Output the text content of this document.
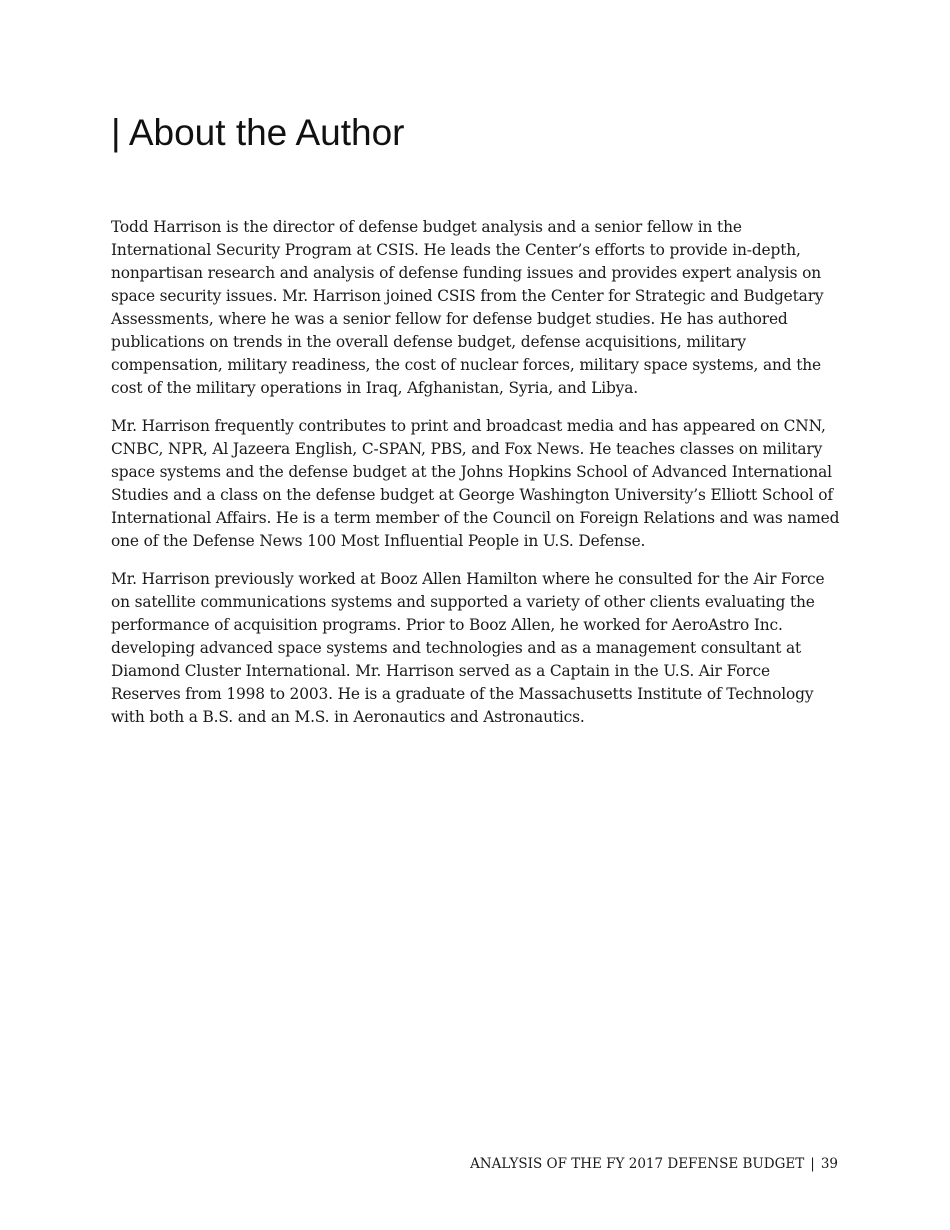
| About the Author

Todd Harrison is the director of defense budget analysis and a senior fellow in the International Security Program at CSIS. He leads the Center’s efforts to provide in-depth, nonpartisan research and analysis of defense funding issues and provides expert analysis on space security issues. Mr. Harrison joined CSIS from the Center for Strategic and Budgetary Assessments, where he was a senior fellow for defense budget studies. He has authored publications on trends in the overall defense budget, defense acquisitions, military compensation, military readiness, the cost of nuclear forces, military space systems, and the cost of the military operations in Iraq, Afghanistan, Syria, and Libya.

Mr. Harrison frequently contributes to print and broadcast media and has appeared on CNN, CNBC, NPR, Al Jazeera English, C-SPAN, PBS, and Fox News. He teaches classes on military space systems and the defense budget at the Johns Hopkins School of Advanced International Studies and a class on the defense budget at George Washington University’s Elliott School of International Affairs. He is a term member of the Council on Foreign Relations and was named one of the Defense News 100 Most Influential People in U.S. Defense.

Mr. Harrison previously worked at Booz Allen Hamilton where he consulted for the Air Force on satellite communications systems and supported a variety of other clients evaluating the performance of acquisition programs. Prior to Booz Allen, he worked for AeroAstro Inc. developing advanced space systems and technologies and as a management consultant at Diamond Cluster International. Mr. Harrison served as a Captain in the U.S. Air Force Reserves from 1998 to 2003. He is a graduate of the Massachusetts Institute of Technology with both a B.S. and an M.S. in Aeronautics and Astronautics.

ANALYSIS OF THE FY 2017 DEFENSE BUDGET | 39
